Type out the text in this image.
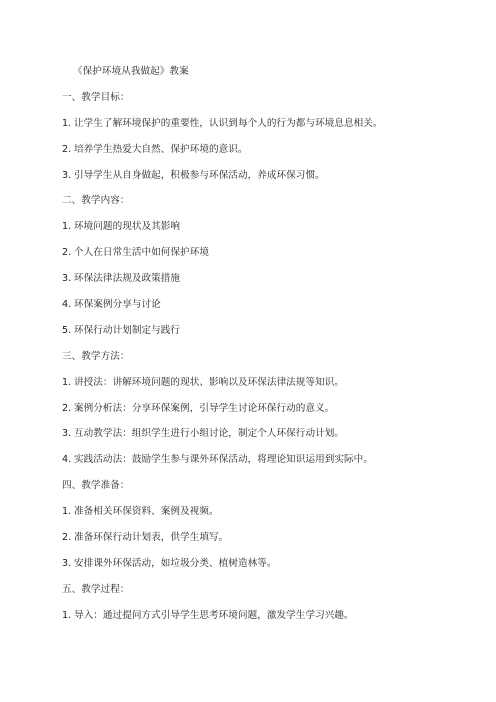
《保护环境从我做起》教案
一、教学目标：
1. 让学生了解环境保护的重要性，认识到每个人的行为都与环境息息相关。
2. 培养学生热爱大自然、保护环境的意识。
3. 引导学生从自身做起，积极参与环保活动，养成环保习惯。
二、教学内容：
1. 环境问题的现状及其影响
2. 个人在日常生活中如何保护环境
3. 环保法律法规及政策措施
4. 环保案例分享与讨论
5. 环保行动计划制定与践行
三、教学方法：
1. 讲授法：讲解环境问题的现状、影响以及环保法律法规等知识。
2. 案例分析法：分享环保案例，引导学生讨论环保行动的意义。
3. 互动教学法：组织学生进行小组讨论，制定个人环保行动计划。
4. 实践活动法：鼓励学生参与课外环保活动，将理论知识运用到实际中。
四、教学准备：
1. 准备相关环保资料、案例及视频。
2. 准备环保行动计划表，供学生填写。
3. 安排课外环保活动，如垃圾分类、植树造林等。
五、教学过程：
1. 导入：通过提问方式引导学生思考环境问题，激发学生学习兴趣。
